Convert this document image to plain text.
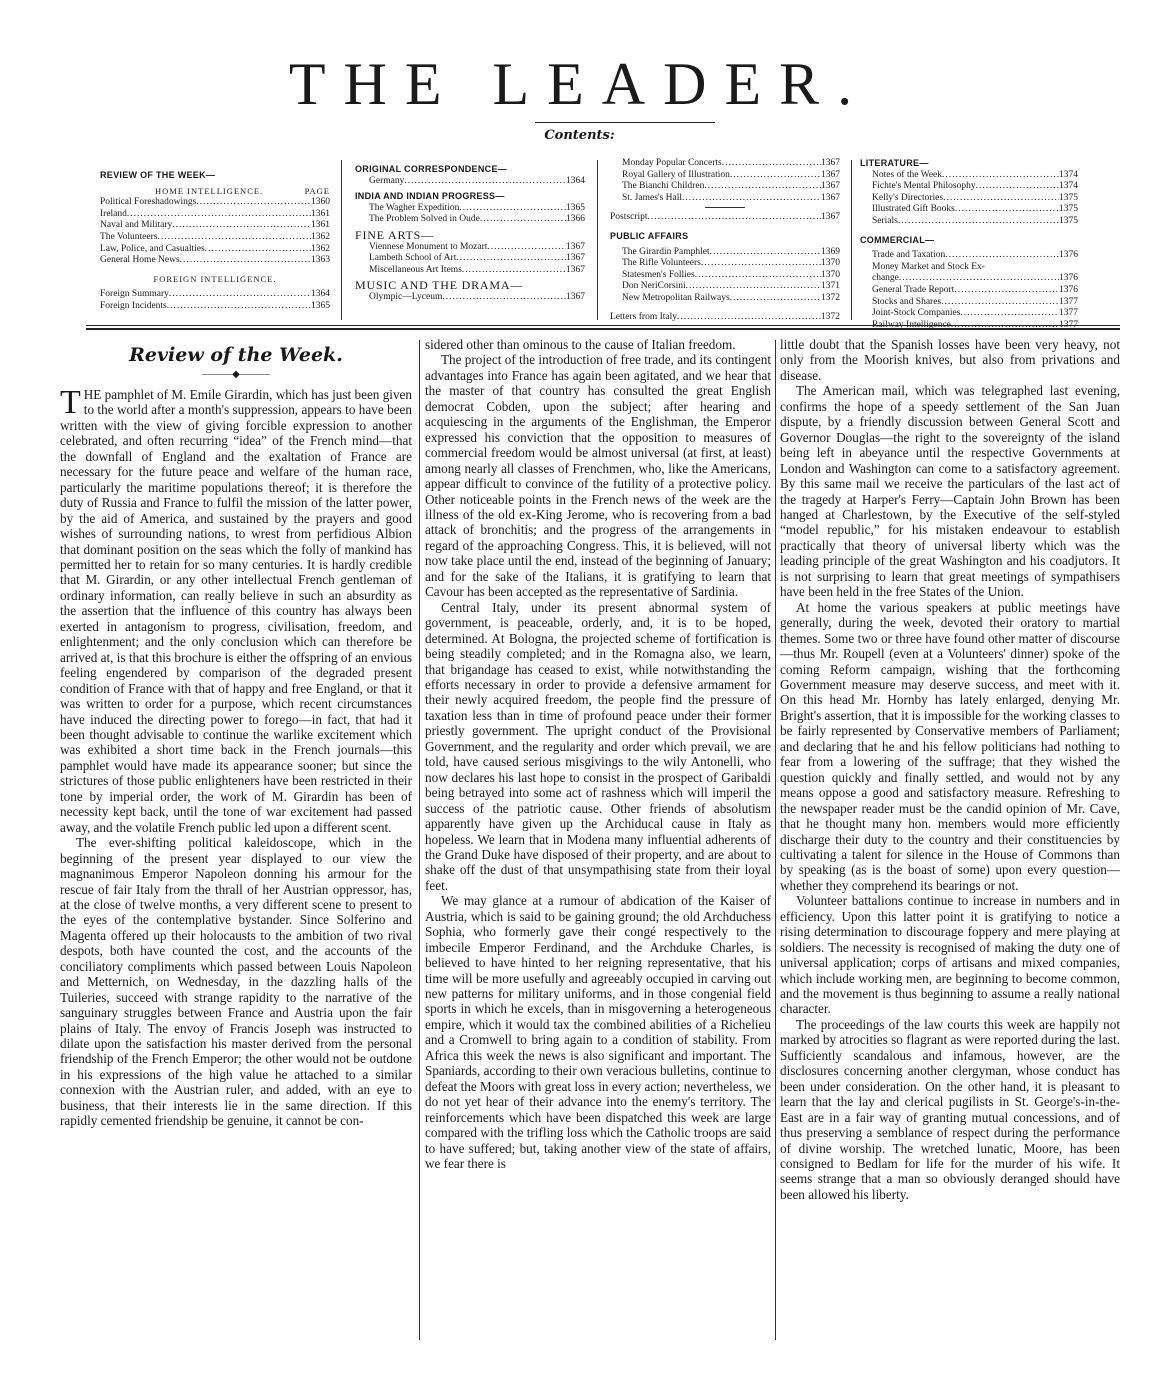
THE LEADER.
Contents:
REVIEW OF THE WEEK—
HOME INTELLIGENCE.	PAGE
Political Foreshadowings .....	1360
Ireland .....	1361
Naval and Military .....	1361
The Volunteers .....	1362
Law, Police, and Casualties .....	1362
General Home News .....	1363
FOREIGN INTELLIGENCE.
Foreign Summary .....	1364
Foreign Incidents .....	1365
ORIGINAL CORRESPONDENCE—
Germany .....	1364
INDIA AND INDIAN PROGRESS—
The Wagher Expedition .....	1365
The Problem Solved in Oude .....	1366
FINE ARTS—
Viennese Monument to Mozart .....	1367
Lambeth School of Art .....	1367
Miscellaneous Art Items .....	1367
MUSIC AND THE DRAMA—
Olympic—Lyceum .....	1367
Monday Popular Concerts .....	1367
Royal Gallery of Illustration .....	1367
The Bianchi Children .....	1367
St. James's Hall .....	1367
Postscript .....	1367
PUBLIC AFFAIRS
The Girardin Pamphlet .....	1369
The Rifle Volunteers .....	1370
Statesmen's Follies .....	1370
Don NeriCorsini .....	1371
New Metropolitan Railways .....	1372
Letters from Italy .....	1372
LITERATURE—
Notes of the Week .....	1374
Fichte's Mental Philosophy .....	1374
Kelly's Directories .....	1375
Illustrated Gift Books .....	1375
Serials .....	1375
COMMERCIAL—
Trade and Taxation .....	1376
Money Market and Stock Ex-
change .....	1376
General Trade Report .....	1376
Stocks and Shares .....	1377
Joint-Stock Companies .....	1377
Railway Intelligence .....	1377
Review of the Week.
———◆———

THE pamphlet of M. Emile Girardin, which has just been given to the world after a month's suppression, appears to have been written with the view of giving forcible expression to another celebrated, and often recurring “idea” of the French mind—that the downfall of England and the exaltation of France are necessary for the future peace and welfare of the human race, particularly the maritime populations thereof; it is therefore the duty of Russia and France to fulfil the mission of the latter power, by the aid of America, and sustained by the prayers and good wishes of surrounding nations, to wrest from perfidious Albion that dominant position on the seas which the folly of mankind has permitted her to retain for so many centuries. It is hardly credible that M. Girardin, or any other intellectual French gentleman of ordinary information, can really believe in such an absurdity as the assertion that the influence of this country has always been exerted in antagonism to progress, civilisation, freedom, and enlightenment; and the only conclusion which can therefore be arrived at, is that this brochure is either the offspring of an envious feeling engendered by comparison of the degraded present condition of France with that of happy and free England, or that it was written to order for a purpose, which recent circumstances have induced the directing power to forego—in fact, that had it been thought advisable to continue the warlike excitement which was exhibited a short time back in the French journals—this pamphlet would have made its appearance sooner; but since the strictures of those public enlighteners have been restricted in their tone by imperial order, the work of M. Girardin has been of necessity kept back, until the tone of war excitement had passed away, and the volatile French public led upon a different scent.

The ever-shifting political kaleidoscope, which in the beginning of the present year displayed to our view the magnanimous Emperor Napoleon donning his armour for the rescue of fair Italy from the thrall of her Austrian oppressor, has, at the close of twelve months, a very different scene to present to the eyes of the contemplative bystander. Since Solferino and Magenta offered up their holocausts to the ambition of two rival despots, both have counted the cost, and the accounts of the conciliatory compliments which passed between Louis Napoleon and Metternich, on Wednesday, in the dazzling halls of the Tuileries, succeed with strange rapidity to the narrative of the sanguinary struggles between France and Austria upon the fair plains of Italy. The envoy of Francis Joseph was instructed to dilate upon the satisfaction his master derived from the personal friendship of the French Emperor; the other would not be outdone in his expressions of the high value he attached to a similar connexion with the Austrian ruler, and added, with an eye to business, that their interests lie in the same direction. If this rapidly cemented friendship be genuine, it cannot be con-

sidered other than ominous to the cause of Italian freedom.

The project of the introduction of free trade, and its contingent advantages into France has again been agitated, and we hear that the master of that country has consulted the great English democrat Cobden, upon the subject; after hearing and acquiescing in the arguments of the Englishman, the Emperor expressed his conviction that the opposition to measures of commercial freedom would be almost universal (at first, at least) among nearly all classes of Frenchmen, who, like the Americans, appear difficult to convince of the futility of a protective policy. Other noticeable points in the French news of the week are the illness of the old ex-King Jerome, who is recovering from a bad attack of bronchitis; and the progress of the arrangements in regard of the approaching Congress. This, it is believed, will not now take place until the end, instead of the beginning of January; and for the sake of the Italians, it is gratifying to learn that Cavour has been accepted as the representative of Sardinia.

Central Italy, under its present abnormal system of government, is peaceable, orderly, and, it is to be hoped, determined. At Bologna, the projected scheme of fortification is being steadily completed; and in the Romagna also, we learn, that brigandage has ceased to exist, while notwithstanding the efforts necessary in order to provide a defensive armament for their newly acquired freedom, the people find the pressure of taxation less than in time of profound peace under their former priestly government. The upright conduct of the Provisional Government, and the regularity and order which prevail, we are told, have caused serious misgivings to the wily Antonelli, who now declares his last hope to consist in the prospect of Garibaldi being betrayed into some act of rashness which will imperil the success of the patriotic cause. Other friends of absolutism apparently have given up the Archiducal cause in Italy as hopeless. We learn that in Modena many influential adherents of the Grand Duke have disposed of their property, and are about to shake off the dust of that unsympathising state from their loyal feet.

We may glance at a rumour of abdication of the Kaiser of Austria, which is said to be gaining ground; the old Archduchess Sophia, who formerly gave their congé respectively to the imbecile Emperor Ferdinand, and the Archduke Charles, is believed to have hinted to her reigning representative, that his time will be more usefully and agreeably occupied in carving out new patterns for military uniforms, and in those congenial field sports in which he excels, than in misgoverning a heterogeneous empire, which it would tax the combined abilities of a Richelieu and a Cromwell to bring again to a condition of stability. From Africa this week the news is also significant and important. The Spaniards, according to their own veracious bulletins, continue to defeat the Moors with great loss in every action; nevertheless, we do not yet hear of their advance into the enemy's territory. The reinforcements which have been dispatched this week are large compared with the trifling loss which the Catholic troops are said to have suffered; but, taking another view of the state of affairs, we fear there is

little doubt that the Spanish losses have been very heavy, not only from the Moorish knives, but also from privations and disease.

The American mail, which was telegraphed last evening, confirms the hope of a speedy settlement of the San Juan dispute, by a friendly discussion between General Scott and Governor Douglas—the right to the sovereignty of the island being left in abeyance until the respective Governments at London and Washington can come to a satisfactory agreement. By this same mail we receive the particulars of the last act of the tragedy at Harper's Ferry—Captain John Brown has been hanged at Charlestown, by the Executive of the self-styled “model republic,” for his mistaken endeavour to establish practically that theory of universal liberty which was the leading principle of the great Washington and his coadjutors. It is not surprising to learn that great meetings of sympathisers have been held in the free States of the Union.

At home the various speakers at public meetings have generally, during the week, devoted their oratory to martial themes. Some two or three have found other matter of discourse—thus Mr. Roupell (even at a Volunteers' dinner) spoke of the coming Reform campaign, wishing that the forthcoming Government measure may deserve success, and meet with it. On this head Mr. Hornby has lately enlarged, denying Mr. Bright's assertion, that it is impossible for the working classes to be fairly represented by Conservative members of Parliament; and declaring that he and his fellow politicians had nothing to fear from a lowering of the suffrage; that they wished the question quickly and finally settled, and would not by any means oppose a good and satisfactory measure. Refreshing to the newspaper reader must be the candid opinion of Mr. Cave, that he thought many hon. members would more efficiently discharge their duty to the country and their constituencies by cultivating a talent for silence in the House of Commons than by speaking (as is the boast of some) upon every question—whether they comprehend its bearings or not.

Volunteer battalions continue to increase in numbers and in efficiency. Upon this latter point it is gratifying to notice a rising determination to discourage foppery and mere playing at soldiers. The necessity is recognised of making the duty one of universal application; corps of artisans and mixed companies, which include working men, are beginning to become common, and the movement is thus beginning to assume a really national character.

The proceedings of the law courts this week are happily not marked by atrocities so flagrant as were reported during the last. Sufficiently scandalous and infamous, however, are the disclosures concerning another clergyman, whose conduct has been under consideration. On the other hand, it is pleasant to learn that the lay and clerical pugilists in St. George's-in-the-East are in a fair way of granting mutual concessions, and of thus preserving a semblance of respect during the performance of divine worship. The wretched lunatic, Moore, has been consigned to Bedlam for life for the murder of his wife. It seems strange that a man so obviously deranged should have been allowed his liberty.
